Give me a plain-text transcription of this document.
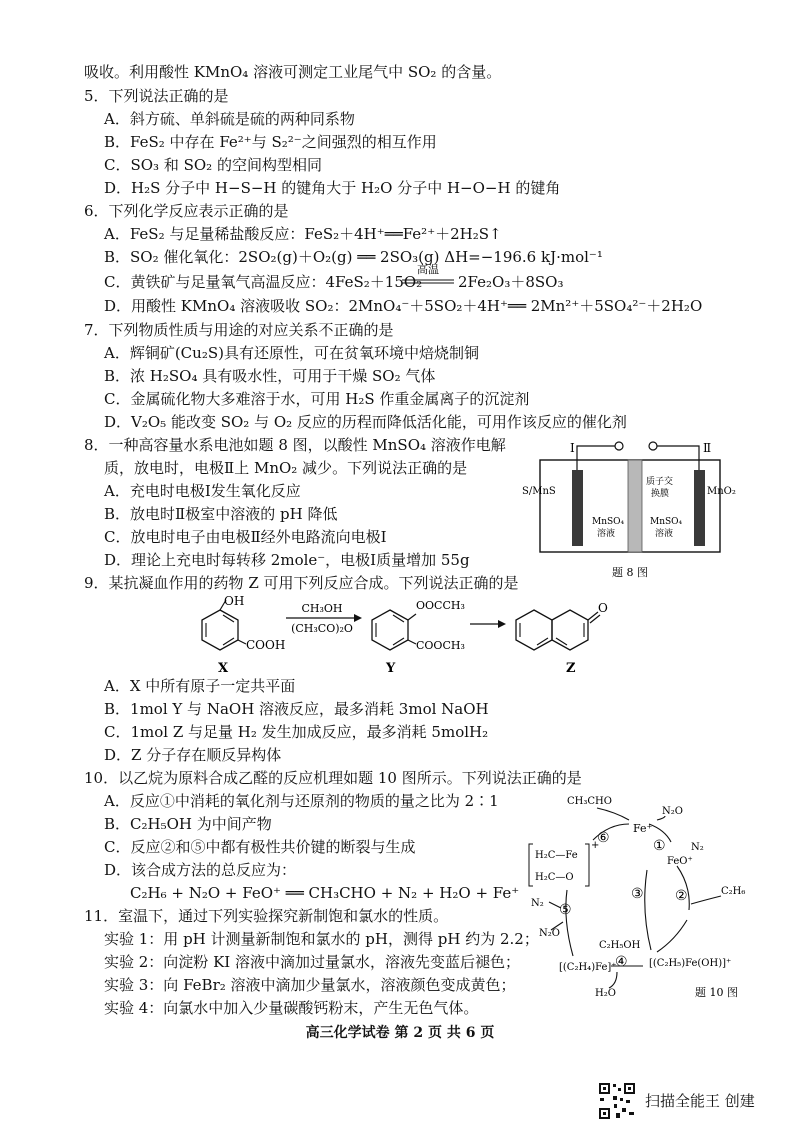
吸收。利用酸性 KMnO₄ 溶液可测定工业尾气中 SO₂ 的含量。
5．下列说法正确的是
A．斜方硫、单斜硫是硫的两种同系物
B．FeS₂ 中存在 Fe²⁺与 S₂²⁻之间强烈的相互作用
C．SO₃ 和 SO₂ 的空间构型相同
D．H₂S 分子中 H−S−H 的键角大于 H₂O 分子中 H−O−H 的键角
6．下列化学反应表示正确的是
A．FeS₂ 与足量稀盐酸反应：FeS₂＋4H⁺══Fe²⁺＋2H₂S↑
B．SO₂ 催化氧化：2SO₂(g)＋O₂(g) ══ 2SO₃(g) ΔH=−196.6 kJ·mol⁻¹
C．黄铁矿与足量氧气高温反应：4FeS₂＋15O₂
高温
2Fe₂O₃＋8SO₃
D．用酸性 KMnO₄ 溶液吸收 SO₂：2MnO₄⁻＋5SO₂＋4H⁺══ 2Mn²⁺＋5SO₄²⁻＋2H₂O
7．下列物质性质与用途的对应关系不正确的是
A．辉铜矿(Cu₂S)具有还原性，可在贫氧环境中焙烧制铜
B．浓 H₂SO₄ 具有吸水性，可用于干燥 SO₂ 气体
C．金属硫化物大多难溶于水，可用 H₂S 作重金属离子的沉淀剂
D．V₂O₅ 能改变 SO₂ 与 O₂ 反应的历程而降低活化能，可用作该反应的催化剂
8．一种高容量水系电池如题 8 图，以酸性 MnSO₄ 溶液作电解
质，放电时，电极Ⅱ上 MnO₂ 减少。下列说法正确的是
A．充电时电极Ⅰ发生氧化反应
B．放电时Ⅱ极室中溶液的 pH 降低
C．放电时电子由电极Ⅱ经外电路流向电极Ⅰ
D．理论上充电时每转移 2mole⁻，电极Ⅰ质量增加 55g
Ⅰ	Ⅱ
S/MnS	MnO₂
质子交
换膜
MnSO₄
溶液
MnSO₄
溶液
题 8 图
9．某抗凝血作用的药物 Z 可用下列反应合成。下列说法正确的是
OH
COOH
X
CH₃OH
(CH₃CO)₂O
OOCCH₃
COOCH₃
Y
O
Z
A．X 中所有原子一定共平面
B．1mol Y 与 NaOH 溶液反应，最多消耗 3mol NaOH
C．1mol Z 与足量 H₂ 发生加成反应，最多消耗 5molH₂
D．Z 分子存在顺反异构体
10．以乙烷为原料合成乙醛的反应机理如题 10 图所示。下列说法正确的是
A．反应①中消耗的氧化剂与还原剂的物质的量之比为 2∶1
B．C₂H₅OH 为中间产物
C．反应②和⑤中都有极性共价键的断裂与生成
D．该合成方法的总反应为：
C₂H₆ + N₂O + FeO⁺ ══ CH₃CHO + N₂ + H₂O + Fe⁺
CH₃CHO
Fe⁺
N₂O
N₂
FeO⁺
C₂H₆
H₂C—Fe
H₂C—O
+
C₂H₅OH
N₂
N₂O
[(C₂H₄)Fe]⁺	[(C₂H₅)Fe(OH)]⁺
H₂O
⑥	①
②
③
④
⑤
题 10 图
11．室温下，通过下列实验探究新制饱和氯水的性质。
实验 1：用 pH 计测量新制饱和氯水的 pH，测得 pH 约为 2.2；
实验 2：向淀粉 KI 溶液中滴加过量氯水，溶液先变蓝后褪色；
实验 3：向 FeBr₂ 溶液中滴加少量氯水，溶液颜色变成黄色；
实验 4：向氯水中加入少量碳酸钙粉末，产生无色气体。
高三化学试卷 第 2 页 共 6 页
扫描全能王 创建
